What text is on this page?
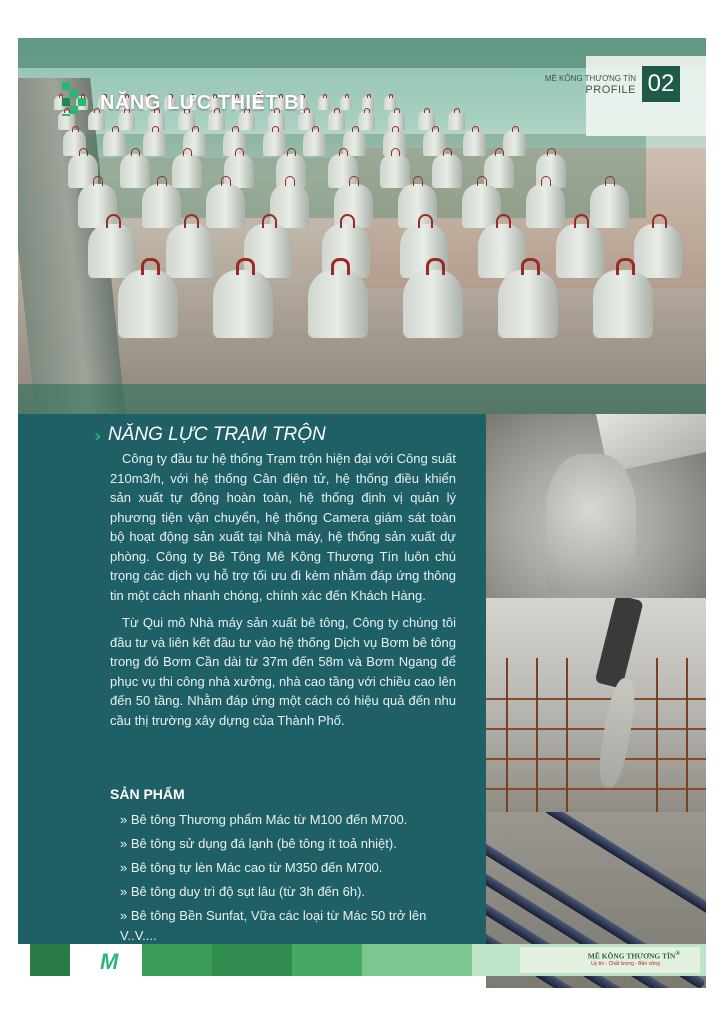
NĂNG LỰC THIẾT BỊ
MÊ KÔNG THƯƠNG TÍN
PROFILE 02
› NĂNG LỰC TRẠM TRỘN

Công ty đầu tư hệ thống Trạm trộn hiện đại với Công suất 210m3/h, với hệ thống Cân điện tử, hệ thống điều khiển sản xuất tự động hoàn toàn, hệ thống định vị quản lý phương tiện vận chuyển, hệ thống Camera giám sát toàn bộ hoạt động sản xuất tại Nhà máy, hệ thống sản xuất dự phòng. Công ty Bê Tông Mê Kông Thương Tín luôn chú trọng các dịch vụ hỗ trợ tối ưu đi kèm nhằm đáp ứng thông tin một cách nhanh chóng, chính xác đến Khách Hàng.

Từ Qui mô Nhà máy sản xuất bê tông, Công ty chúng tôi đầu tư và liên kết đầu tư vào hệ thống Dịch vụ Bơm bê tông trong đó Bơm Cần dài từ 37m đến 58m và Bơm Ngang để phục vụ thi công nhà xưởng, nhà cao tầng với chiều cao lên đến 50 tầng. Nhằm đáp ứng một cách có hiệu quả đến nhu cầu thị trường xây dựng của Thành Phố.

SẢN PHẨM
» Bê tông Thương phẩm Mác từ M100 đến M700.
» Bê tông sử dụng đá lạnh (bê tông ít toả nhiệt).
» Bê tông tự lèn Mác cao từ M350 đến M700.
» Bê tông duy trì độ sụt lâu (từ 3h đến 6h).
» Bê tông Bền Sunfat, Vữa các loại từ Mác 50 trở lên V..V....
M	MÊ KÔNG THƯƠNG TÍN®
Uy tín - Chất lượng - Bền vững
